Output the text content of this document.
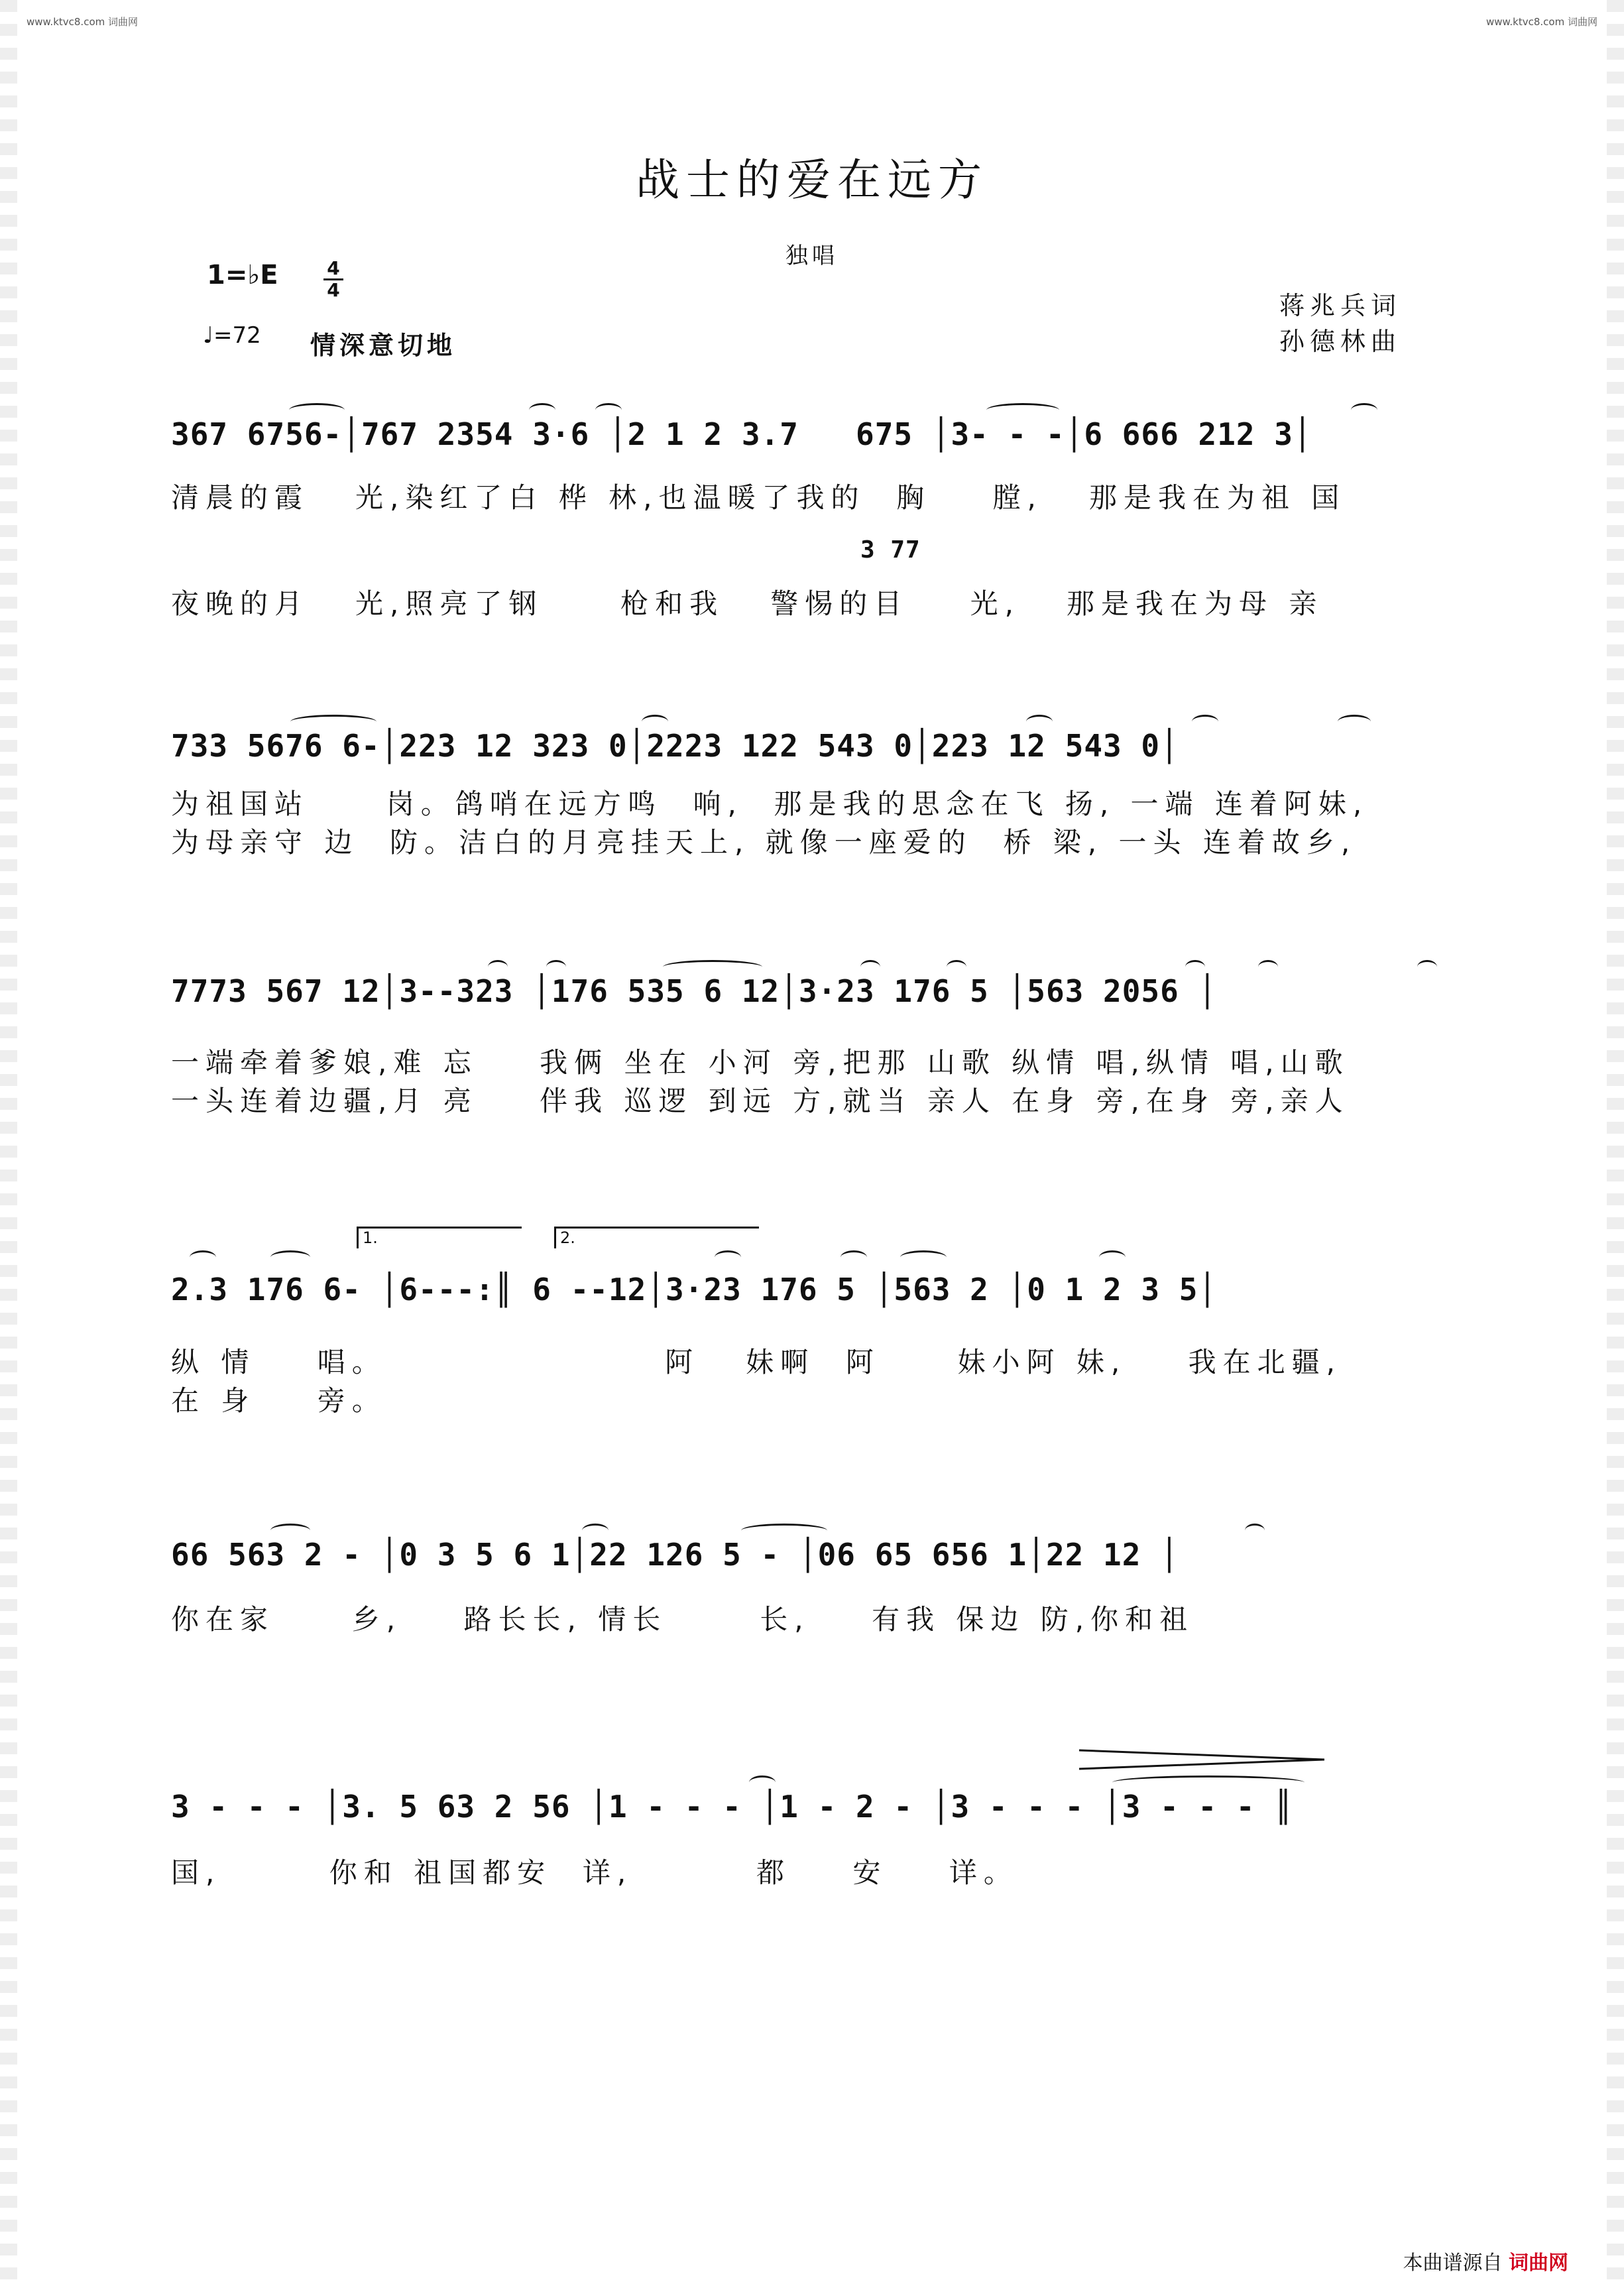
www.ktvc8.com 词曲网	www.ktvc8.com 词曲网
战士的爱在远方
独唱
1=♭E	4
4
♩=72 情深意切地
蒋兆兵词
孙德林曲
367 6756-│767 2354 3·6 │2 1 2 3.7   675 │3- - -│6 666 212 3│
清晨的霞   光,染红了白 桦 林,也温暖了我的  胸    膛,   那是我在为祖 国
3 77
夜晚的月   光,照亮了钢     枪和我   警惕的目    光,   那是我在为母 亲
733 5676 6-│223 12 323 0│2223 122 543 0│223 12 543 0│
为祖国站     岗。鸽哨在远方鸣  响,  那是我的思念在飞 扬, 一端 连着阿妹,
为母亲守 边  防。洁白的月亮挂天上, 就像一座爱的  桥 梁, 一头 连着故乡,
7773 567 12│3--323 │176 535 6 12│3·23 176 5 │563 2056 │
一端牵着爹娘,难 忘    我俩 坐在 小河 旁,把那 山歌 纵情 唱,纵情 唱,山歌
一头连着边疆,月 亮    伴我 巡逻 到远 方,就当 亲人 在身 旁,在身 旁,亲人
1.	2.
2.3 176 6- │6---:║ 6 --12│3·23 176 5 │563 2 │0 1 2 3 5│
纵 情    唱。                  阿   妹啊  阿     妹小阿 妹,    我在北疆,
在 身    旁。
66 563 2 - │0 3 5 6 1│22 126 5 - │06 65 656 1│22 12 │
你在家     乡,    路长长, 情长      长,    有我 保边 防,你和祖
3 - - - │3. 5 63 2 56 │1 - - - │1 - 2 - │3 - - - │3 - - - ║
国,       你和 祖国都安  详,        都    安    详。
本曲谱源自 词曲网
